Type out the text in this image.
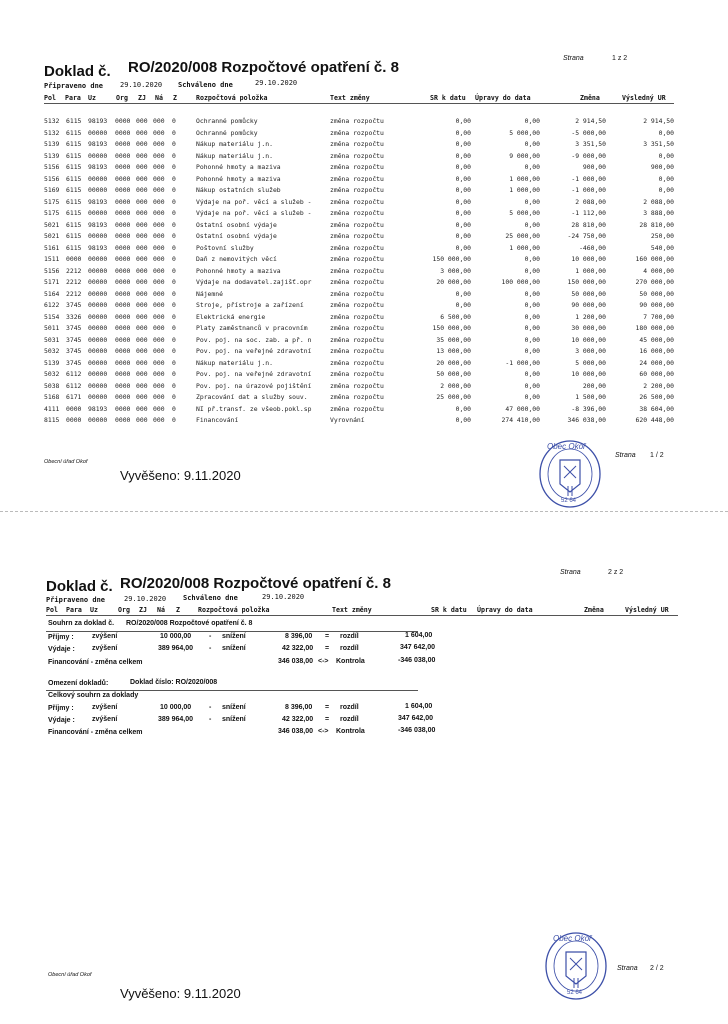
Strana	1 z 2
Doklad č. RO/2020/008 Rozpočtové opatření č. 8
Připraveno dne 29.10.2020 Schváleno dne	29.10.2020
Pol Para Uz	Org ZJ Ná Z	Rozpočtová položka	Text změny	SR k datu Úpravy do data	Změna	Výsledný UR
5132 6115 98193 0000 000 000 0	Ochranné pomůcky	změna rozpočtu	0,00	0,00	2 914,50	2 914,50
5132 6115 00000 0000 000 000 0	Ochranné pomůcky	změna rozpočtu	0,00	5 000,00	-5 000,00	0,00
5139 6115 98193 0000 000 000 0	Nákup materiálu j.n.	změna rozpočtu	0,00	0,00	3 351,50	3 351,50
5139 6115 00000 0000 000 000 0	Nákup materiálu j.n.	změna rozpočtu	0,00	9 000,00	-9 000,00	0,00
5156 6115 98193 0000 000 000 0	Pohonné hmoty a maziva	změna rozpočtu	0,00	0,00	900,00	900,00
5156 6115 00000 0000 000 000 0	Pohonné hmoty a maziva	změna rozpočtu	0,00	1 000,00	-1 000,00	0,00
5169 6115 00000 0000 000 000 0	Nákup ostatních služeb	změna rozpočtu	0,00	1 000,00	-1 000,00	0,00
5175 6115 98193 0000 000 000 0	Výdaje na poř. věcí a služeb -	změna rozpočtu	0,00	0,00	2 088,00	2 088,00
5175 6115 00000 0000 000 000 0	Výdaje na poř. věcí a služeb -	změna rozpočtu	0,00	5 000,00	-1 112,00	3 888,00
5021 6115 98193 0000 000 000 0	Ostatní osobní výdaje	změna rozpočtu	0,00	0,00	28 810,00	28 810,00
5021 6115 00000 0000 000 000 0	Ostatní osobní výdaje	změna rozpočtu	0,00	25 000,00	-24 750,00	250,00
5161 6115 98193 0000 000 000 0	Poštovní služby	změna rozpočtu	0,00	1 000,00	-460,00	540,00
1511 0000 00000 0000 000 000 0	Daň z nemovitých věcí	změna rozpočtu	150 000,00	0,00	10 000,00	160 000,00
5156 2212 00000 0000 000 000 0	Pohonné hmoty a maziva	změna rozpočtu	3 000,00	0,00	1 000,00	4 000,00
5171 2212 00000 0000 000 000 0	Výdaje na dodavatel.zajišť.opr	změna rozpočtu	20 000,00	100 000,00	150 000,00	270 000,00
5164 2212 00000 0000 000 000 0	Nájemné	změna rozpočtu	0,00	0,00	50 000,00	50 000,00
6122 3745 00000 0000 000 000 0	Stroje, přístroje a zařízení	změna rozpočtu	0,00	0,00	90 000,00	90 000,00
5154 3326 00000 0000 000 000 0	Elektrická energie	změna rozpočtu	6 500,00	0,00	1 200,00	7 700,00
5011 3745 00000 0000 000 000 0	Platy zaměstnanců v pracovním	změna rozpočtu	150 000,00	0,00	30 000,00	180 000,00
5031 3745 00000 0000 000 000 0	Pov. poj. na soc. zab. a př. n	změna rozpočtu	35 000,00	0,00	10 000,00	45 000,00
5032 3745 00000 0000 000 000 0	Pov. poj. na veřejné zdravotní	změna rozpočtu	13 000,00	0,00	3 000,00	16 000,00
5139 3745 00000 0000 000 000 0	Nákup materiálu j.n.	změna rozpočtu	20 000,00	-1 000,00	5 000,00	24 000,00
5032 6112 00000 0000 000 000 0	Pov. poj. na veřejné zdravotní	změna rozpočtu	50 000,00	0,00	10 000,00	60 000,00
5038 6112 00000 0000 000 000 0	Pov. poj. na úrazové pojištění	změna rozpočtu	2 000,00	0,00	200,00	2 200,00
5168 6171 00000 0000 000 000 0	Zpracování dat a služby souv.	změna rozpočtu	25 000,00	0,00	1 500,00	26 500,00
4111 0000 98193 0000 000 000 0	NI př.transf. ze všeob.pokl.sp	změna rozpočtu	0,00	47 000,00	-8 396,00	38 604,00
8115 0000 00000 0000 000 000 0	Financování	Vyrovnání	0,00	274 410,00	346 038,00	620 448,00
Obecní úřad Okoř
Vyvěšeno: 9.11.2020
Obec Okoř
52 64
Strana 1 / 2
Strana	2 z 2
Doklad č. RO/2020/008 Rozpočtové opatření č. 8
Připraveno dne	29.10.2020 Schváleno dne	29.10.2020
Pol Para Uz	Org ZJ Ná Z	Rozpočtová položka	Text změny	SR k datu Úpravy do data	Změna	Výsledný UR
Souhrn za doklad č. RO/2020/008 Rozpočtové opatření č. 8
Příjmy :	zvýšení	10 000,00	- snížení	8 396,00 = rozdíl	1 604,00
Výdaje : zvýšení	389 964,00 - snížení	42 322,00 = rozdíl	347 642,00
Financování - změna celkem	346 038,00 <-> Kontrola	-346 038,00
Omezení dokladů:	Doklad číslo: RO/2020/008
Celkový souhrn za doklady
Příjmy :	zvýšení	10 000,00	- snížení	8 396,00 = rozdíl	1 604,00
Výdaje : zvýšení	389 964,00 - snížení	42 322,00 = rozdíl	347 642,00
Financování - změna celkem	346 038,00 <-> Kontrola	-346 038,00
Obecní úřad Okoř
Vyvěšeno: 9.11.2020
Obec Okoř
52 64
Strana 2 / 2
